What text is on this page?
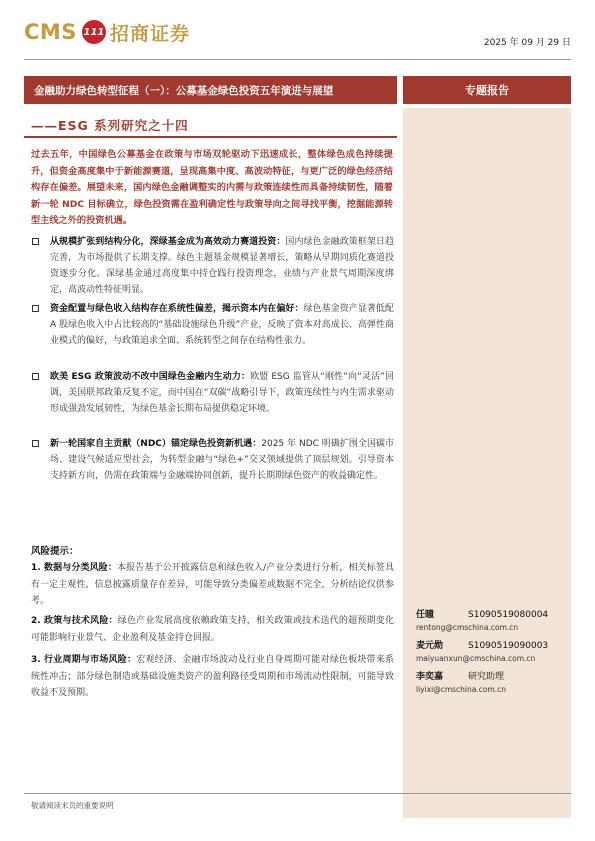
CMS 111 招商证券	2025 年 09 月 29 日
金融助力绿色转型征程（一）：公募基金绿色投资五年演进与展望	专题报告
——ESG 系列研究之十四
过去五年，中国绿色公募基金在政策与市场双轮驱动下迅速成长，整体绿色成色持续提升，但资金高度集中于新能源赛道，呈现高集中度、高波动特征，与更广泛的绿色经济结构存在偏差。展望未来，国内绿色金融调整实的内需与政策连续性而具备持续韧性，随着新一轮 NDC 目标确立，绿色投资需在盈利确定性与政策导向之间寻找平衡，挖掘能源转型主线之外的投资机遇。
从规模扩张到结构分化，深绿基金成为高效动力赛道投资：国内绿色金融政策框架日趋完善，为市场提供了长期支撑。绿色主题基金规模显著增长，策略从早期同质化赛道投资逐步分化。深绿基金通过高度集中持仓践行投资理念，业绩与产业景气周期深度绑定，高波动性特征明显。
资金配置与绿色收入结构存在系统性偏差，揭示资本内在偏好：绿色基金资产显著低配 A 股绿色收入中占比较高的“基础设施绿色升级”产业，反映了资本对高成长、高弹性商业模式的偏好，与政策追求全面、系统转型之间存在结构性张力。
欧美 ESG 政策波动不改中国绿色金融内生动力：欧盟 ESG 监管从“刚性”向“灵活”回调，美国联邦政策反复不定，而中国在“双碳”战略引导下，政策连续性与内生需求驱动形成强劲发展韧性，为绿色基金长期布局提供稳定环境。
新一轮国家自主贡献（NDC）锚定绿色投资新机遇：2025 年 NDC 明确扩围全国碳市场、建设气候适应型社会，为转型金融与“绿色+”交叉领域提供了顶层规划。引导资本支持新方向，仍需在政策端与金融端协同创新，提升长期期绿色资产的收益确定性。
风险提示：
1. 数据与分类风险：本报告基于公开披露信息和绿色收入/产业分类进行分析，相关标签具有一定主观性，信息披露质量存在差异，可能导致分类偏差或数据不完全，分析结论仅供参考。
2. 政策与技术风险：绿色产业发展高度依赖政策支持，相关政策或技术迭代的超预期变化可能影响行业景气、企业盈利及基金持仓回报。
3. 行业周期与市场风险：宏观经济、金融市场波动及行业自身周期可能对绿色板块带来系统性冲击；部分绿色制造或基础设施类资产的盈利路径受周期和市场流动性限制，可能导致收益不及预期。
任瞳	S1090519080004
rentong@cmschina.com.cn
麦元勋	S1090519090003
maiyuanxun@cmschina.com.cn
李奕嘉	研究助理
liyixi@cmschina.com.cn
敬请阅读末页的重要说明
